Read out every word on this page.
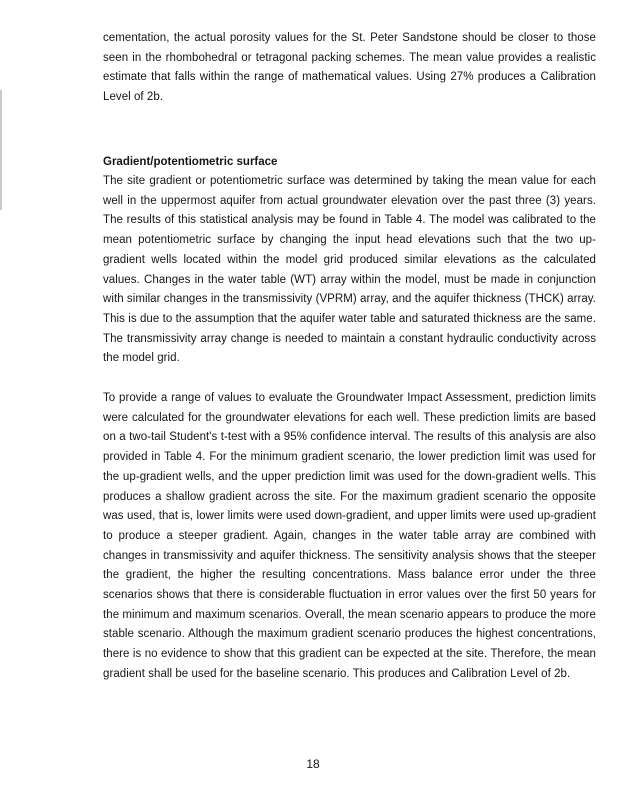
cementation, the actual porosity values for the St. Peter Sandstone should be closer to those seen in the rhombohedral or tetragonal packing schemes. The mean value provides a realistic estimate that falls within the range of mathematical values. Using 27% produces a Calibration Level of 2b.

Gradient/potentiometric surface

The site gradient or potentiometric surface was determined by taking the mean value for each well in the uppermost aquifer from actual groundwater elevation over the past three (3) years. The results of this statistical analysis may be found in Table 4. The model was calibrated to the mean potentiometric surface by changing the input head elevations such that the two up-gradient wells located within the model grid produced similar elevations as the calculated values. Changes in the water table (WT) array within the model, must be made in conjunction with similar changes in the transmissivity (VPRM) array, and the aquifer thickness (THCK) array. This is due to the assumption that the aquifer water table and saturated thickness are the same. The transmissivity array change is needed to maintain a constant hydraulic conductivity across the model grid.

To provide a range of values to evaluate the Groundwater Impact Assessment, prediction limits were calculated for the groundwater elevations for each well. These prediction limits are based on a two-tail Student's t-test with a 95% confidence interval. The results of this analysis are also provided in Table 4. For the minimum gradient scenario, the lower prediction limit was used for the up-gradient wells, and the upper prediction limit was used for the down-gradient wells. This produces a shallow gradient across the site. For the maximum gradient scenario the opposite was used, that is, lower limits were used down-gradient, and upper limits were used up-gradient to produce a steeper gradient. Again, changes in the water table array are combined with changes in transmissivity and aquifer thickness. The sensitivity analysis shows that the steeper the gradient, the higher the resulting concentrations. Mass balance error under the three scenarios shows that there is considerable fluctuation in error values over the first 50 years for the minimum and maximum scenarios. Overall, the mean scenario appears to produce the more stable scenario. Although the maximum gradient scenario produces the highest concentrations, there is no evidence to show that this gradient can be expected at the site. Therefore, the mean gradient shall be used for the baseline scenario. This produces and Calibration Level of 2b.

18
